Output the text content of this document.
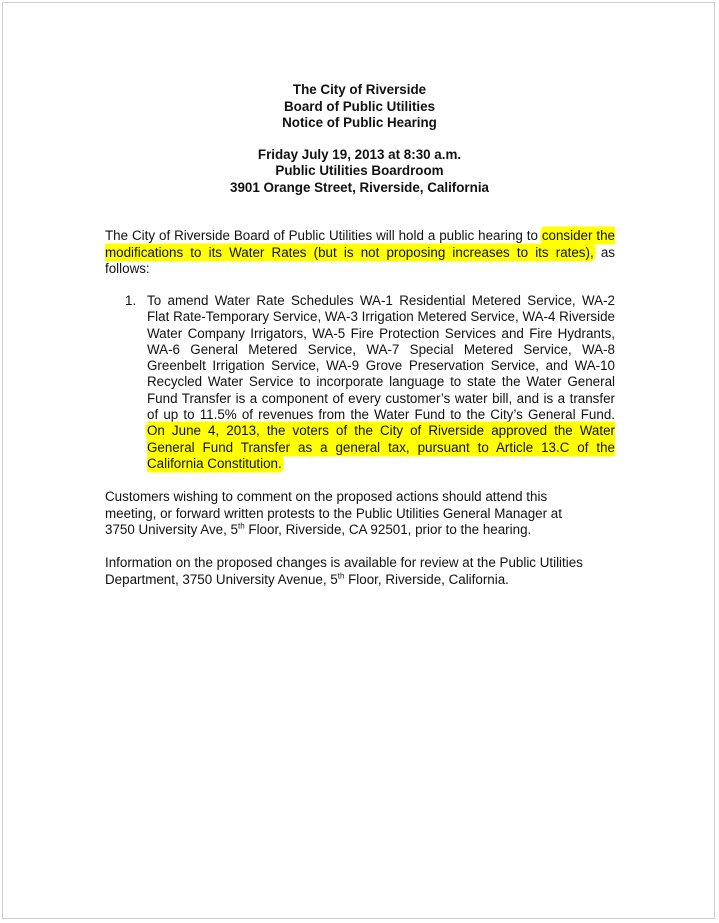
The City of Riverside
Board of Public Utilities
Notice of Public Hearing
Friday July 19, 2013 at 8:30 a.m.
Public Utilities Boardroom
3901 Orange Street, Riverside, California
The City of Riverside Board of Public Utilities will hold a public hearing to consider the modifications to its Water Rates (but is not proposing increases to its rates), as follows:
1. To amend Water Rate Schedules WA-1 Residential Metered Service, WA-2 Flat Rate-Temporary Service, WA-3 Irrigation Metered Service, WA-4 Riverside Water Company Irrigators, WA-5 Fire Protection Services and Fire Hydrants, WA-6 General Metered Service, WA-7 Special Metered Service, WA-8 Greenbelt Irrigation Service, WA-9 Grove Preservation Service, and WA-10 Recycled Water Service to incorporate language to state the Water General Fund Transfer is a component of every customer’s water bill, and is a transfer of up to 11.5% of revenues from the Water Fund to the City’s General Fund. On June 4, 2013, the voters of the City of Riverside approved the Water General Fund Transfer as a general tax, pursuant to Article 13.C of the California Constitution.
Customers wishing to comment on the proposed actions should attend this
meeting, or forward written protests to the Public Utilities General Manager at
3750 University Ave, 5th Floor, Riverside, CA 92501, prior to the hearing.
Information on the proposed changes is available for review at the Public Utilities
Department, 3750 University Avenue, 5th Floor, Riverside, California.
